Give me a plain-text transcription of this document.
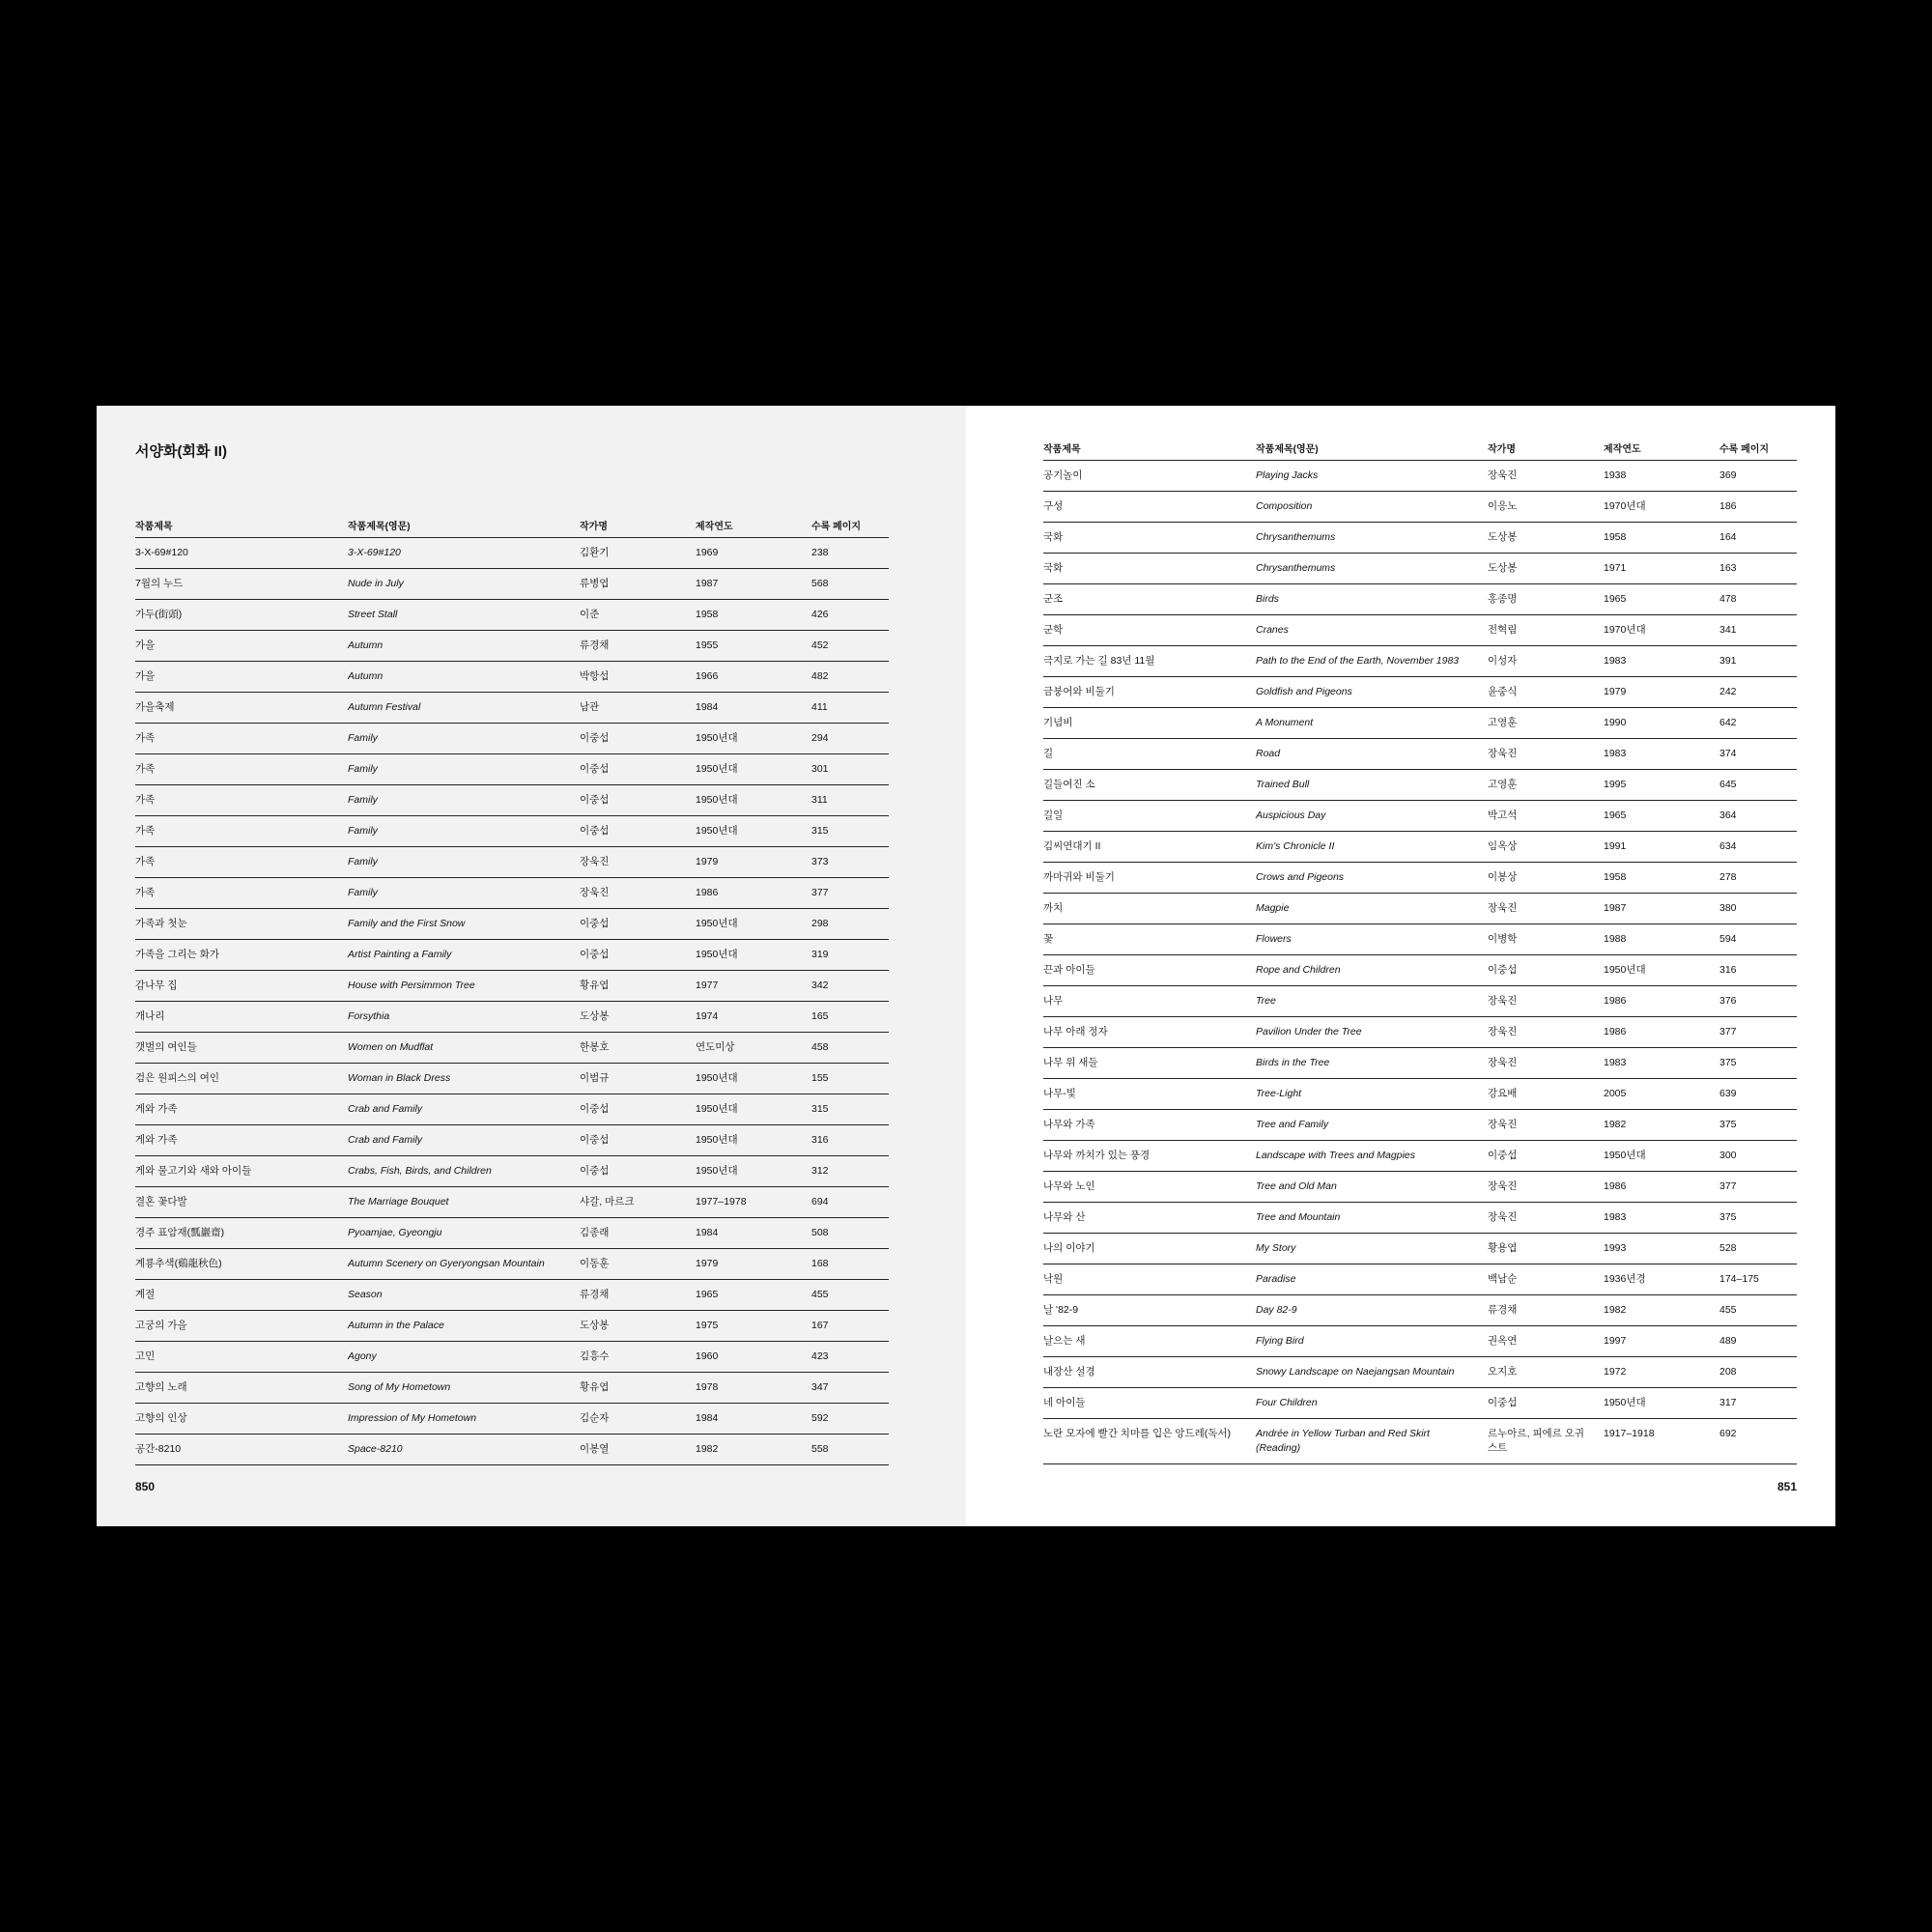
서양화(회화 II)
작품제목	작품제목(영문)	작가명	제작연도	수록 페이지
3-X-69#120	3-X-69#120	김환기	1969	238
7월의 누드	Nude in July	류병엽	1987	568
가두(街頭)	Street Stall	이준	1958	426
가을	Autumn	류경채	1955	452
가을	Autumn	박항섭	1966	482
가을축제	Autumn Festival	남관	1984	411
가족	Family	이중섭	1950년대	294
가족	Family	이중섭	1950년대	301
가족	Family	이중섭	1950년대	311
가족	Family	이중섭	1950년대	315
가족	Family	장욱진	1979	373
가족	Family	장욱진	1986	377
가족과 첫눈	Family and the First Snow	이중섭	1950년대	298
가족을 그리는 화가	Artist Painting a Family	이중섭	1950년대	319
감나무 집	House with Persimmon Tree	황유엽	1977	342
개나리	Forsythia	도상봉	1974	165
갯벌의 여인들	Women on Mudflat	한봉호	연도미상	458
검은 원피스의 여인	Woman in Black Dress	이범규	1950년대	155
게와 가족	Crab and Family	이중섭	1950년대	315
게와 가족	Crab and Family	이중섭	1950년대	316
게와 물고기와 새와 아이들	Crabs, Fish, Birds, and Children	이중섭	1950년대	312
결혼 꽃다발	The Marriage Bouquet	샤갈, 마르크	1977–1978	694
경주 표암재(瓢巖齋)	Pyoamjae, Gyeongju	김종래	1984	508
계룡추색(鷄龍秋色)	Autumn Scenery on Gyeryongsan Mountain	이동훈	1979	168
계절	Season	류경채	1965	455
고궁의 가을	Autumn in the Palace	도상봉	1975	167
고민	Agony	김흥수	1960	423
고향의 노래	Song of My Hometown	황유엽	1978	347
고향의 인상	Impression of My Hometown	김순자	1984	592
공간-8210	Space-8210	이봉열	1982	558
850
작품제목	작품제목(영문)	작가명	제작연도	수록 페이지
공기놀이	Playing Jacks	장욱진	1938	369
구성	Composition	이응노	1970년대	186
국화	Chrysanthemums	도상봉	1958	164
국화	Chrysanthemums	도상봉	1971	163
군조	Birds	홍종명	1965	478
군학	Cranes	전혁림	1970년대	341
극지로 가는 길 83년 11월	Path to the End of the Earth, November 1983	이성자	1983	391
금붕어와 비둘기	Goldfish and Pigeons	윤중식	1979	242
기념비	A Monument	고영훈	1990	642
길	Road	장욱진	1983	374
길들여진 소	Trained Bull	고영훈	1995	645
길일	Auspicious Day	박고석	1965	364
김씨연대기 II	Kim's Chronicle II	임옥상	1991	634
까마귀와 비둘기	Crows and Pigeons	이봉상	1958	278
까치	Magpie	장욱진	1987	380
꽃	Flowers	이병학	1988	594
끈과 아이들	Rope and Children	이중섭	1950년대	316
나무	Tree	장욱진	1986	376
나무 아래 정자	Pavilion Under the Tree	장욱진	1986	377
나무 위 새들	Birds in the Tree	장욱진	1983	375
나무-빛	Tree-Light	강요배	2005	639
나무와 가족	Tree and Family	장욱진	1982	375
나무와 까치가 있는 풍경	Landscape with Trees and Magpies	이중섭	1950년대	300
나무와 노인	Tree and Old Man	장욱진	1986	377
나무와 산	Tree and Mountain	장욱진	1983	375
나의 이야기	My Story	황용엽	1993	528
낙원	Paradise	백남순	1936년경	174–175
날 '82-9	Day 82-9	류경채	1982	455
날으는 새	Flying Bird	권옥연	1997	489
내장산 설경	Snowy Landscape on Naejangsan Mountain	오지호	1972	208
네 아이들	Four Children	이중섭	1950년대	317
노란 모자에 빨간 치마를 입은 앙드레(독서)	Andrée in Yellow Turban and Red Skirt (Reading)	르누아르, 피에르 오귀스트	1917–1918	692
851
